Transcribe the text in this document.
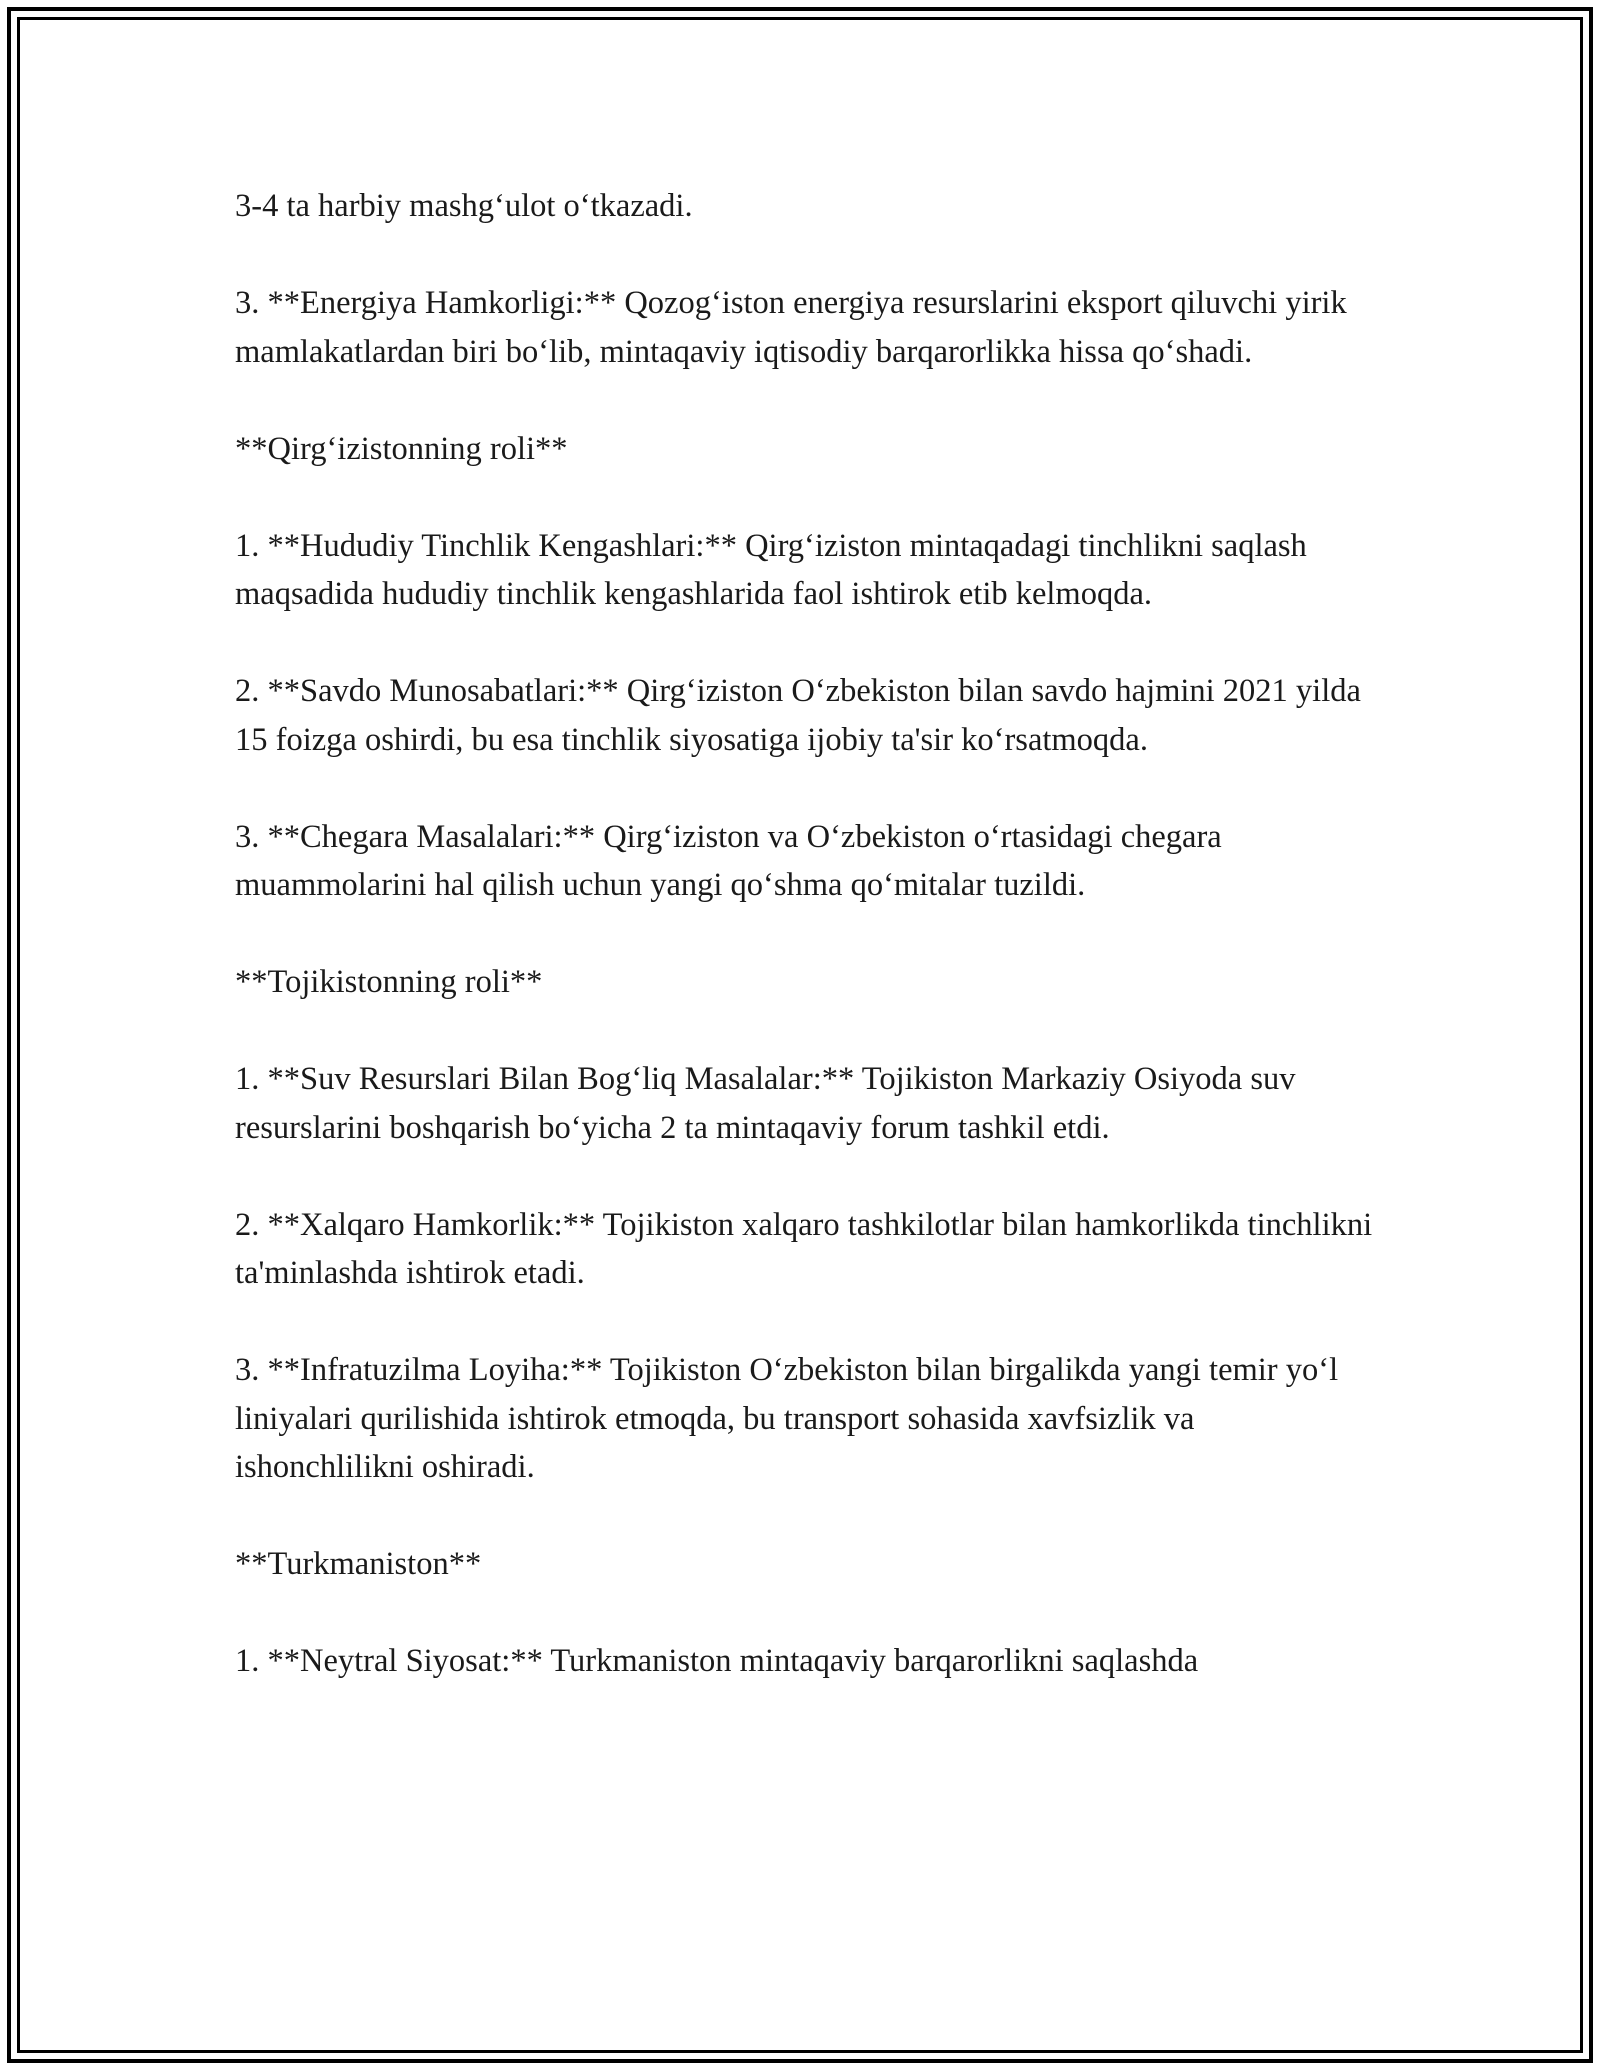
3-4 ta harbiy mashg‘ulot o‘tkazadi.

3. **Energiya Hamkorligi:** Qozog‘iston energiya resurslarini eksport qiluvchi yirik mamlakatlardan biri bo‘lib, mintaqaviy iqtisodiy barqarorlikka hissa qo‘shadi.

**Qirg‘izistonning roli**

1. **Hududiy Tinchlik Kengashlari:** Qirg‘iziston mintaqadagi tinchlikni saqlash maqsadida hududiy tinchlik kengashlarida faol ishtirok etib kelmoqda.

2. **Savdo Munosabatlari:** Qirg‘iziston O‘zbekiston bilan savdo hajmini 2021 yilda 15 foizga oshirdi, bu esa tinchlik siyosatiga ijobiy ta'sir ko‘rsatmoqda.

3. **Chegara Masalalari:** Qirg‘iziston va O‘zbekiston o‘rtasidagi chegara muammolarini hal qilish uchun yangi qo‘shma qo‘mitalar tuzildi.

**Tojikistonning roli**

1. **Suv Resurslari Bilan Bog‘liq Masalalar:** Tojikiston Markaziy Osiyoda suv resurslarini boshqarish bo‘yicha 2 ta mintaqaviy forum tashkil etdi.

2. **Xalqaro Hamkorlik:** Tojikiston xalqaro tashkilotlar bilan hamkorlikda tinchlikni ta'minlashda ishtirok etadi.

3. **Infratuzilma Loyiha:** Tojikiston O‘zbekiston bilan birgalikda yangi temir yo‘l liniyalari qurilishida ishtirok etmoqda, bu transport sohasida xavfsizlik va ishonchlilikni oshiradi.

**Turkmaniston**

1. **Neytral Siyosat:** Turkmaniston mintaqaviy barqarorlikni saqlashda
